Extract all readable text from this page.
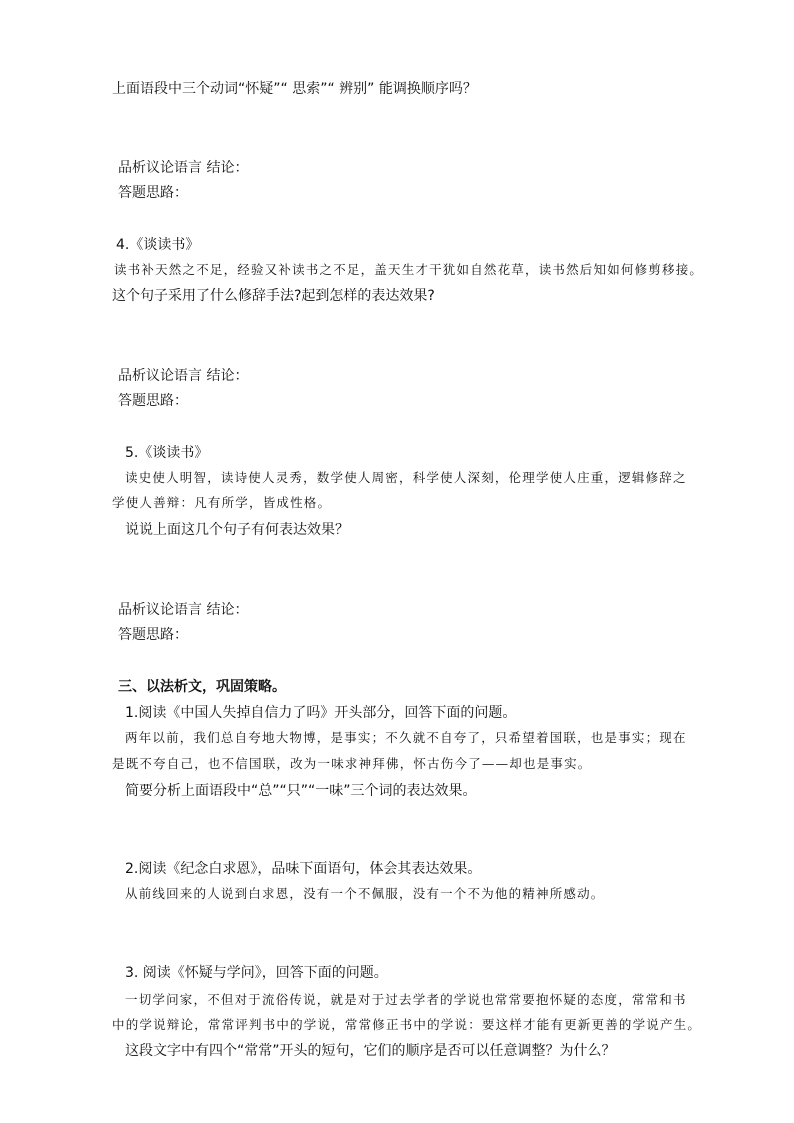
上面语段中三个动词“怀疑”“ 思索”“ 辨别” 能调换顺序吗？
品析议论语言 结论：
答题思路：
4.《谈读书》
读书补天然之不足，经验又补读书之不足，盖天生才干犹如自然花草，读书然后知如何修剪移接。
这个句子采用了什么修辞手法?起到怎样的表达效果?
品析议论语言 结论：
答题思路：
5.《谈读书》
读史使人明智，读诗使人灵秀，数学使人周密，科学使人深刻，伦理学使人庄重，逻辑修辞之
学使人善辩：凡有所学，皆成性格。
说说上面这几个句子有何表达效果？
品析议论语言 结论：
答题思路：
三、以法析文，巩固策略。
1.阅读《中国人失掉自信力了吗》开头部分，回答下面的问题。
两年以前，我们总自夸地大物博，是事实；不久就不自夸了，只希望着国联，也是事实；现在
是既不夸自己，也不信国联，改为一味求神拜佛，怀古伤今了——却也是事实。
简要分析上面语段中“总”“只”“一味”三个词的表达效果。
2.阅读《纪念白求恩》，品味下面语句，体会其表达效果。
从前线回来的人说到白求恩，没有一个不佩服，没有一个不为他的精神所感动。
3. 阅读《怀疑与学问》，回答下面的问题。
一切学问家，不但对于流俗传说，就是对于过去学者的学说也常常要抱怀疑的态度，常常和书
中的学说辩论，常常评判书中的学说，常常修正书中的学说：要这样才能有更新更善的学说产生。
这段文字中有四个“常常”开头的短句，它们的顺序是否可以任意调整？为什么？
